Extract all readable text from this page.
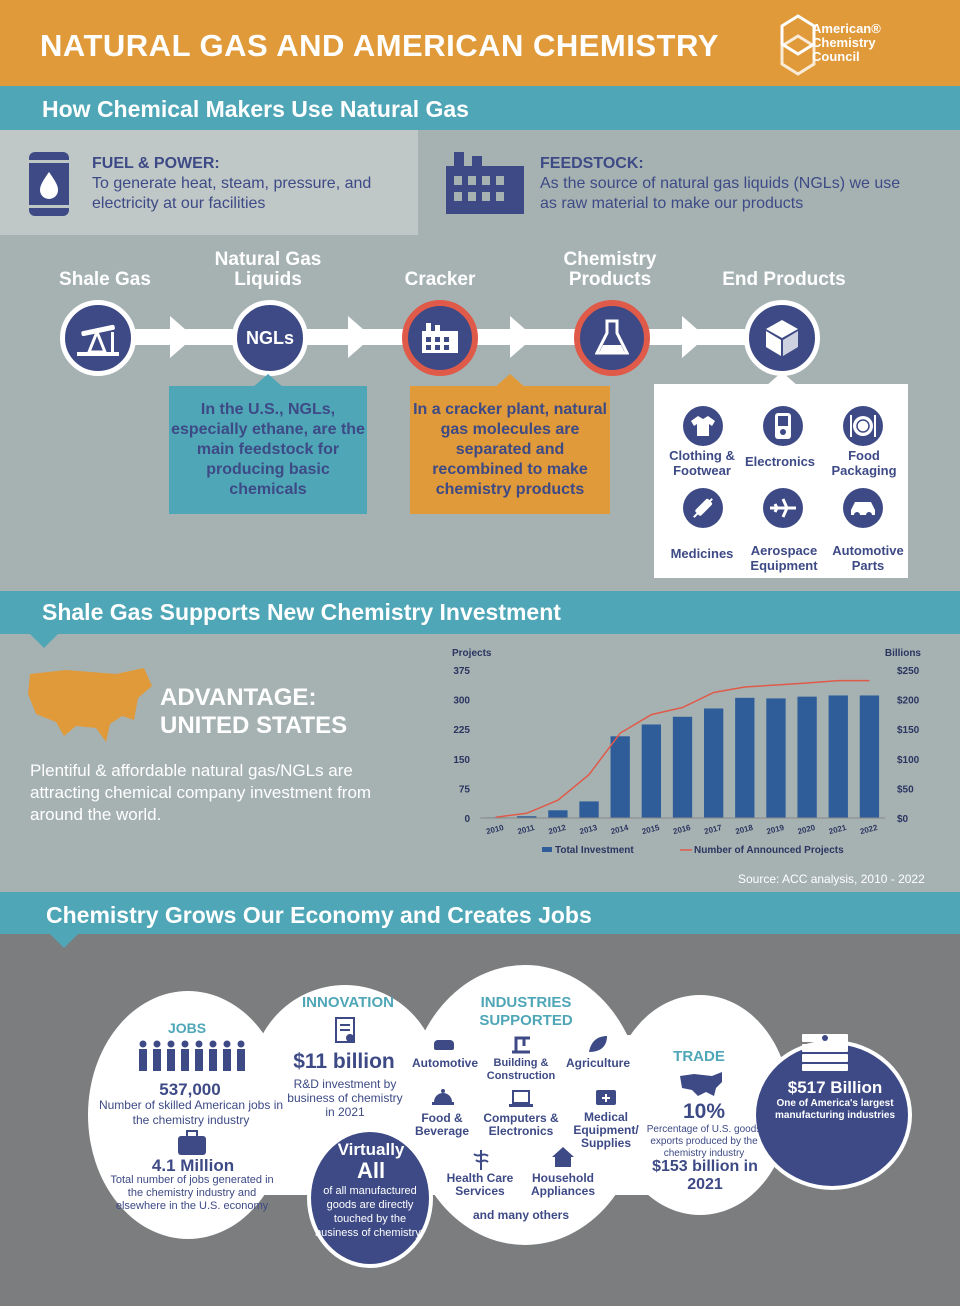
NATURAL GAS AND AMERICAN CHEMISTRY	American®
Chemistry
Council
How Chemical Makers Use Natural Gas
FUEL & POWER:
To generate heat, steam, pressure, and electricity at our facilities
FEEDSTOCK:
As the source of natural gas liquids (NGLs) we use as raw material to make our products
Shale Gas
Natural Gas Liquids	Cracker
Chemistry Products	End Products
NGLs
In the U.S., NGLs, especially ethane, are the main feedstock for producing basic chemicals
In a cracker plant, natural gas molecules are separated and recombined to make chemistry products
Clothing & Footwear
Electronics	Food Packaging
Medicines	Aerospace Equipment
Automotive Parts
Shale Gas Supports New Chemistry Investment
ADVANTAGE:
UNITED STATES
Plentiful & affordable natural gas/NGLs are attracting chemical company investment from around the world.
Projects	Billions
375
300
225
150
75
0
$250
$200
$150
$100
$50
$0
2010 2011 2012 2013 2014 2015 2016 2017 2018 2019 2020 2021 2022
Total Investment	Number of Announced Projects
Source: ACC analysis, 2010 - 2022
Chemistry Grows Our Economy and Creates Jobs
JOBS
537,000
Number of skilled American jobs in the chemistry industry
4.1 Million
Total number of jobs generated in the chemistry industry and elsewhere in the U.S. economy
INNOVATION
$11 billion
R&D investment by business of chemistry in 2021
Virtually
All
of all manufactured goods are directly touched by the business of chemistry*
INDUSTRIES
SUPPORTED
Automotive	Building & Construction
Agriculture
Food & Beverage
Computers & Electronics
Medical Equipment/ Supplies
Health Care Services
Household Appliances
and many others
TRADE
10%
Percentage of U.S. goods exports produced by the chemistry industry
$153 billion in 2021
$517 Billion
One of America's largest manufacturing industries
